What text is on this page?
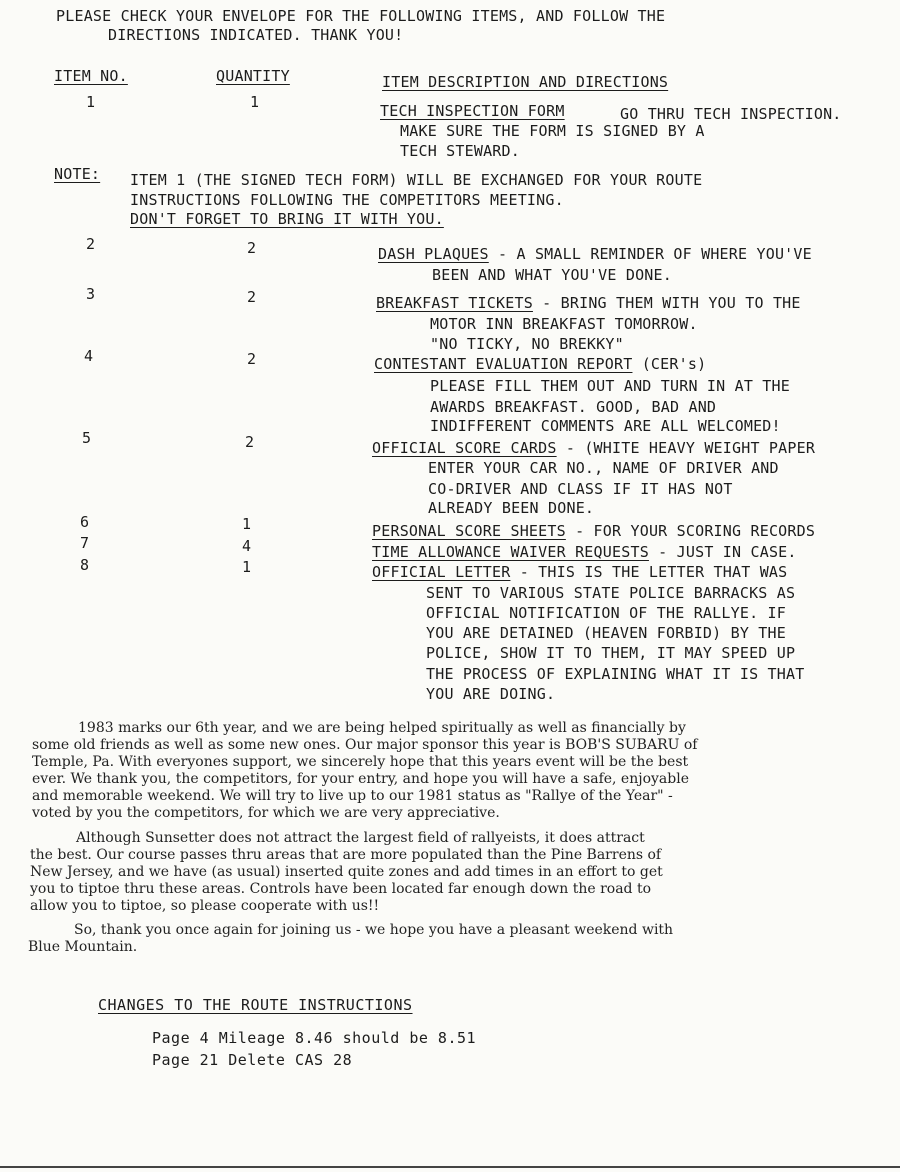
PLEASE CHECK YOUR ENVELOPE FOR THE FOLLOWING ITEMS, AND FOLLOW THE
DIRECTIONS INDICATED. THANK YOU!
ITEM NO.	QUANTITY	ITEM DESCRIPTION AND DIRECTIONS
1	1	TECH INSPECTION FORM	GO THRU TECH INSPECTION.
MAKE SURE THE FORM IS SIGNED BY A
TECH STEWARD.
NOTE: ITEM 1 (THE SIGNED TECH FORM) WILL BE EXCHANGED FOR YOUR ROUTE
INSTRUCTIONS FOLLOWING THE COMPETITORS MEETING.
DON'T FORGET TO BRING IT WITH YOU.
2	2	DASH PLAQUES - A SMALL REMINDER OF WHERE YOU'VE
BEEN AND WHAT YOU'VE DONE.
3	2	BREAKFAST TICKETS - BRING THEM WITH YOU TO THE
MOTOR INN BREAKFAST TOMORROW.
"NO TICKY, NO BREKKY"
4	2	CONTESTANT EVALUATION REPORT (CER's)
PLEASE FILL THEM OUT AND TURN IN AT THE
AWARDS BREAKFAST. GOOD, BAD AND
INDIFFERENT COMMENTS ARE ALL WELCOMED!
5	2	OFFICIAL SCORE CARDS - (WHITE HEAVY WEIGHT PAPER
ENTER YOUR CAR NO., NAME OF DRIVER AND
CO-DRIVER AND CLASS IF IT HAS NOT
ALREADY BEEN DONE.
6	1	PERSONAL SCORE SHEETS - FOR YOUR SCORING RECORDS
7	4	TIME ALLOWANCE WAIVER REQUESTS - JUST IN CASE.
8	1	OFFICIAL LETTER - THIS IS THE LETTER THAT WAS
SENT TO VARIOUS STATE POLICE BARRACKS AS
OFFICIAL NOTIFICATION OF THE RALLYE. IF
YOU ARE DETAINED (HEAVEN FORBID) BY THE
POLICE, SHOW IT TO THEM, IT MAY SPEED UP
THE PROCESS OF EXPLAINING WHAT IT IS THAT
YOU ARE DOING.
1983 marks our 6th year, and we are being helped spiritually as well as financially by
some old friends as well as some new ones. Our major sponsor this year is BOB'S SUBARU of
Temple, Pa. With everyones support, we sincerely hope that this years event will be the best
ever. We thank you, the competitors, for your entry, and hope you will have a safe, enjoyable
and memorable weekend. We will try to live up to our 1981 status as "Rallye of the Year" -
voted by you the competitors, for which we are very appreciative.
Although Sunsetter does not attract the largest field of rallyeists, it does attract
the best. Our course passes thru areas that are more populated than the Pine Barrens of
New Jersey, and we have (as usual) inserted quite zones and add times in an effort to get
you to tiptoe thru these areas. Controls have been located far enough down the road to
allow you to tiptoe, so please cooperate with us!!
So, thank you once again for joining us - we hope you have a pleasant weekend with
Blue Mountain.
CHANGES TO THE ROUTE INSTRUCTIONS
Page 4 Mileage 8.46 should be 8.51
Page 21 Delete CAS 28
